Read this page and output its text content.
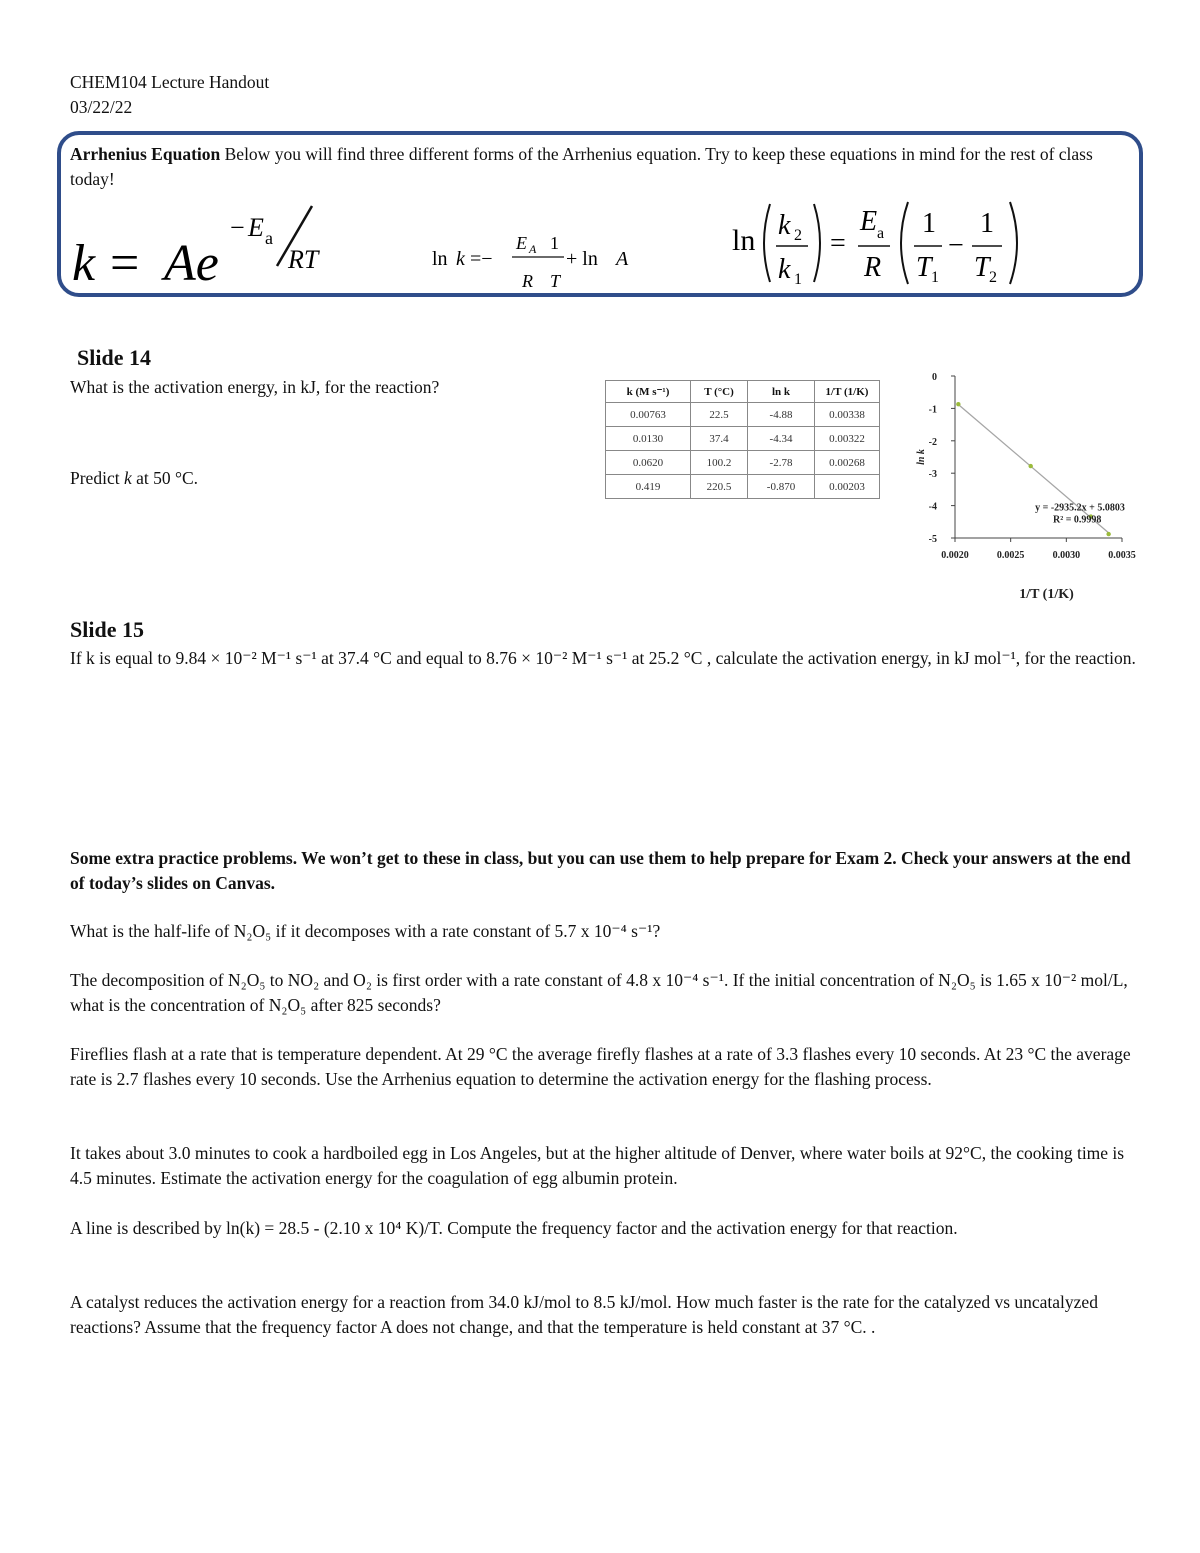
CHEM104 Lecture Handout
03/22/22
Arrhenius Equation Below you will find three different forms of the Arrhenius equation. Try to keep these equations in mind for the rest of class today!
k = Ae
− E a
RT	ln k =−
E A 1
R T
+ ln A
ln k 2
k 1
=
E a
R
1
T 1
−
1
T 2
Slide 14
What is the activation energy, in kJ, for the reaction?
Predict k at 50 °C.
k (M s⁻¹)	T (°C)	ln k	1/T (1/K)
0.00763	22.5	-4.88	0.00338
0.0130	37.4	-4.34	0.00322
0.0620	100.2	-2.78	0.00268
0.419	220.5	-0.870	0.00203
0
-1
-2
-3
-4
-5
0.0020	0.0025	0.0030	0.0035
y = -2935.2x + 5.0803
R² = 0.9998
ln k
1/T (1/K)
Slide 15
If k is equal to 9.84 × 10⁻² M⁻¹ s⁻¹ at 37.4 °C and equal to 8.76 × 10⁻² M⁻¹ s⁻¹ at 25.2 °C , calculate the activation energy, in kJ mol⁻¹, for the reaction.
Some extra practice problems. We won’t get to these in class, but you can use them to help prepare for Exam 2. Check your answers at the end of today’s slides on Canvas.
What is the half-life of N₂O₅ if it decomposes with a rate constant of 5.7 x 10⁻⁴ s⁻¹?
The decomposition of N₂O₅ to NO₂ and O₂ is first order with a rate constant of 4.8 x 10⁻⁴ s⁻¹. If the initial concentration of N₂O₅ is 1.65 x 10⁻² mol/L, what is the concentration of N₂O₅ after 825 seconds?
Fireflies flash at a rate that is temperature dependent. At 29 °C the average firefly flashes at a rate of 3.3 flashes every 10 seconds. At 23 °C the average rate is 2.7 flashes every 10 seconds. Use the Arrhenius equation to determine the activation energy for the flashing process.
It takes about 3.0 minutes to cook a hardboiled egg in Los Angeles, but at the higher altitude of Denver, where water boils at 92°C, the cooking time is 4.5 minutes. Estimate the activation energy for the coagulation of egg albumin protein.
A line is described by ln(k) = 28.5 - (2.10 x 10⁴ K)/T. Compute the frequency factor and the activation energy for that reaction.
A catalyst reduces the activation energy for a reaction from 34.0 kJ/mol to 8.5 kJ/mol. How much faster is the rate for the catalyzed vs uncatalyzed reactions? Assume that the frequency factor A does not change, and that the temperature is held constant at 37 °C. .
